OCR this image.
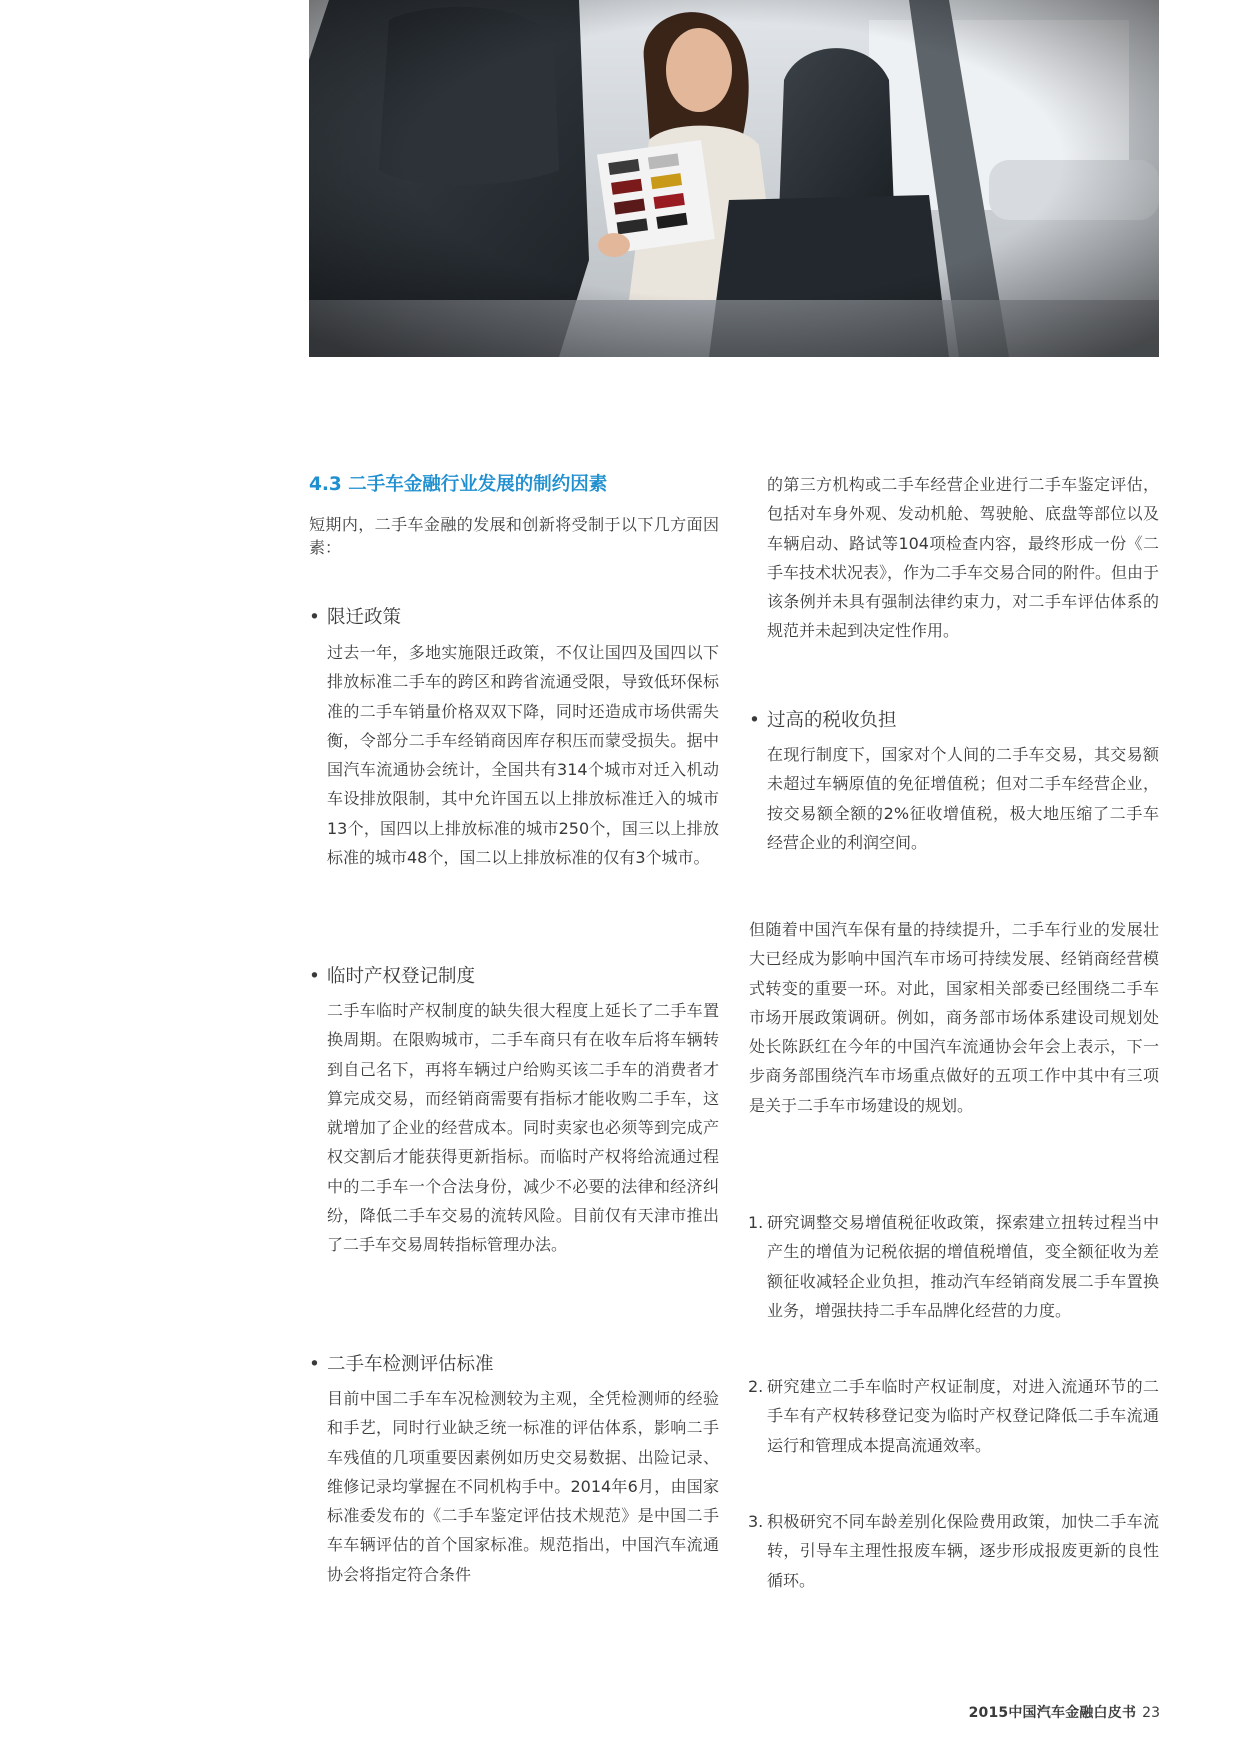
4.3 二手车金融行业发展的制约因素

短期内，二手车金融的发展和创新将受制于以下几方面因素：

• 限迁政策

过去一年，多地实施限迁政策，不仅让国四及国四以下排放标准二手车的跨区和跨省流通受限，导致低环保标准的二手车销量价格双双下降，同时还造成市场供需失衡，令部分二手车经销商因库存积压而蒙受损失。据中国汽车流通协会统计，全国共有314个城市对迁入机动车设排放限制，其中允许国五以上排放标准迁入的城市13个，国四以上排放标准的城市250个，国三以上排放标准的城市48个，国二以上排放标准的仅有3个城市。

• 临时产权登记制度

二手车临时产权制度的缺失很大程度上延长了二手车置换周期。在限购城市，二手车商只有在收车后将车辆转到自己名下，再将车辆过户给购买该二手车的消费者才算完成交易，而经销商需要有指标才能收购二手车，这就增加了企业的经营成本。同时卖家也必须等到完成产权交割后才能获得更新指标。而临时产权将给流通过程中的二手车一个合法身份，减少不必要的法律和经济纠纷，降低二手车交易的流转风险。目前仅有天津市推出了二手车交易周转指标管理办法。

• 二手车检测评估标准

目前中国二手车车况检测较为主观，全凭检测师的经验和手艺，同时行业缺乏统一标准的评估体系，影响二手车残值的几项重要因素例如历史交易数据、出险记录、维修记录均掌握在不同机构手中。2014年6月，由国家标准委发布的《二手车鉴定评估技术规范》是中国二手车车辆评估的首个国家标准。规范指出，中国汽车流通协会将指定符合条件

的第三方机构或二手车经营企业进行二手车鉴定评估，包括对车身外观、发动机舱、驾驶舱、底盘等部位以及车辆启动、路试等104项检查内容，最终形成一份《二手车技术状况表》，作为二手车交易合同的附件。但由于该条例并未具有强制法律约束力，对二手车评估体系的规范并未起到决定性作用。

• 过高的税收负担

在现行制度下，国家对个人间的二手车交易，其交易额未超过车辆原值的免征增值税；但对二手车经营企业，按交易额全额的2%征收增值税，极大地压缩了二手车经营企业的利润空间。

但随着中国汽车保有量的持续提升，二手车行业的发展壮大已经成为影响中国汽车市场可持续发展、经销商经营模式转变的重要一环。对此，国家相关部委已经围绕二手车市场开展政策调研。例如，商务部市场体系建设司规划处处长陈跃红在今年的中国汽车流通协会年会上表示，下一步商务部围绕汽车市场重点做好的五项工作中其中有三项是关于二手车市场建设的规划。

1. 研究调整交易增值税征收政策，探索建立扭转过程当中产生的增值为记税依据的增值税增值，变全额征收为差额征收减轻企业负担，推动汽车经销商发展二手车置换业务，增强扶持二手车品牌化经营的力度。
2. 研究建立二手车临时产权证制度，对进入流通环节的二手车有产权转移登记变为临时产权登记降低二手车流通运行和管理成本提高流通效率。
3. 积极研究不同车龄差别化保险费用政策，加快二手车流转，引导车主理性报废车辆，逐步形成报废更新的良性循环。
2015中国汽车金融白皮书 23
